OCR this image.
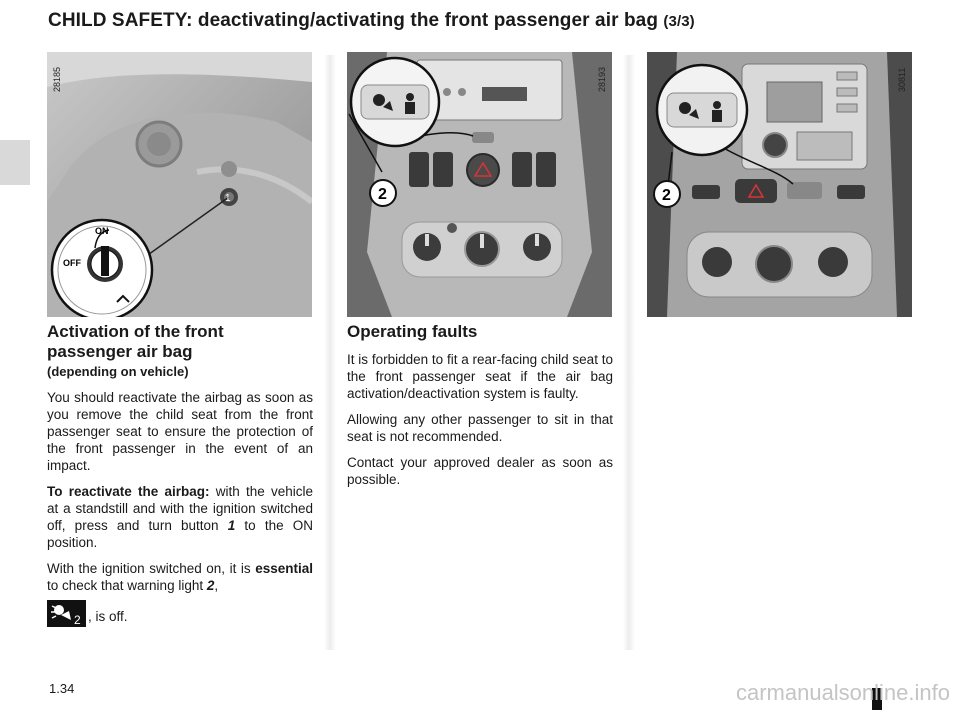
CHILD SAFETY: deactivating/activating the front passenger air bag (3/3)
ON
OFF
1
28185
2
28193
2
30811
Activation of the front passenger air bag
(depending on vehicle)

You should reactivate the airbag as soon as you remove the child seat from the front passenger seat to ensure the protection of the front passenger in the event of an impact.

To reactivate the airbag: with the vehicle at a standstill and with the ignition switched off, press and turn button 1 to the ON position.

With the ignition switched on, it is essential to check that warning light 2,

2 , is off.
Operating faults

It is forbidden to fit a rear-facing child seat to the front passenger seat if the air bag activation/deactivation system is faulty.

Allowing any other passenger to sit in that seat is not recommended.

Contact your approved dealer as soon as possible.

1.34	carmanualsonline.info
